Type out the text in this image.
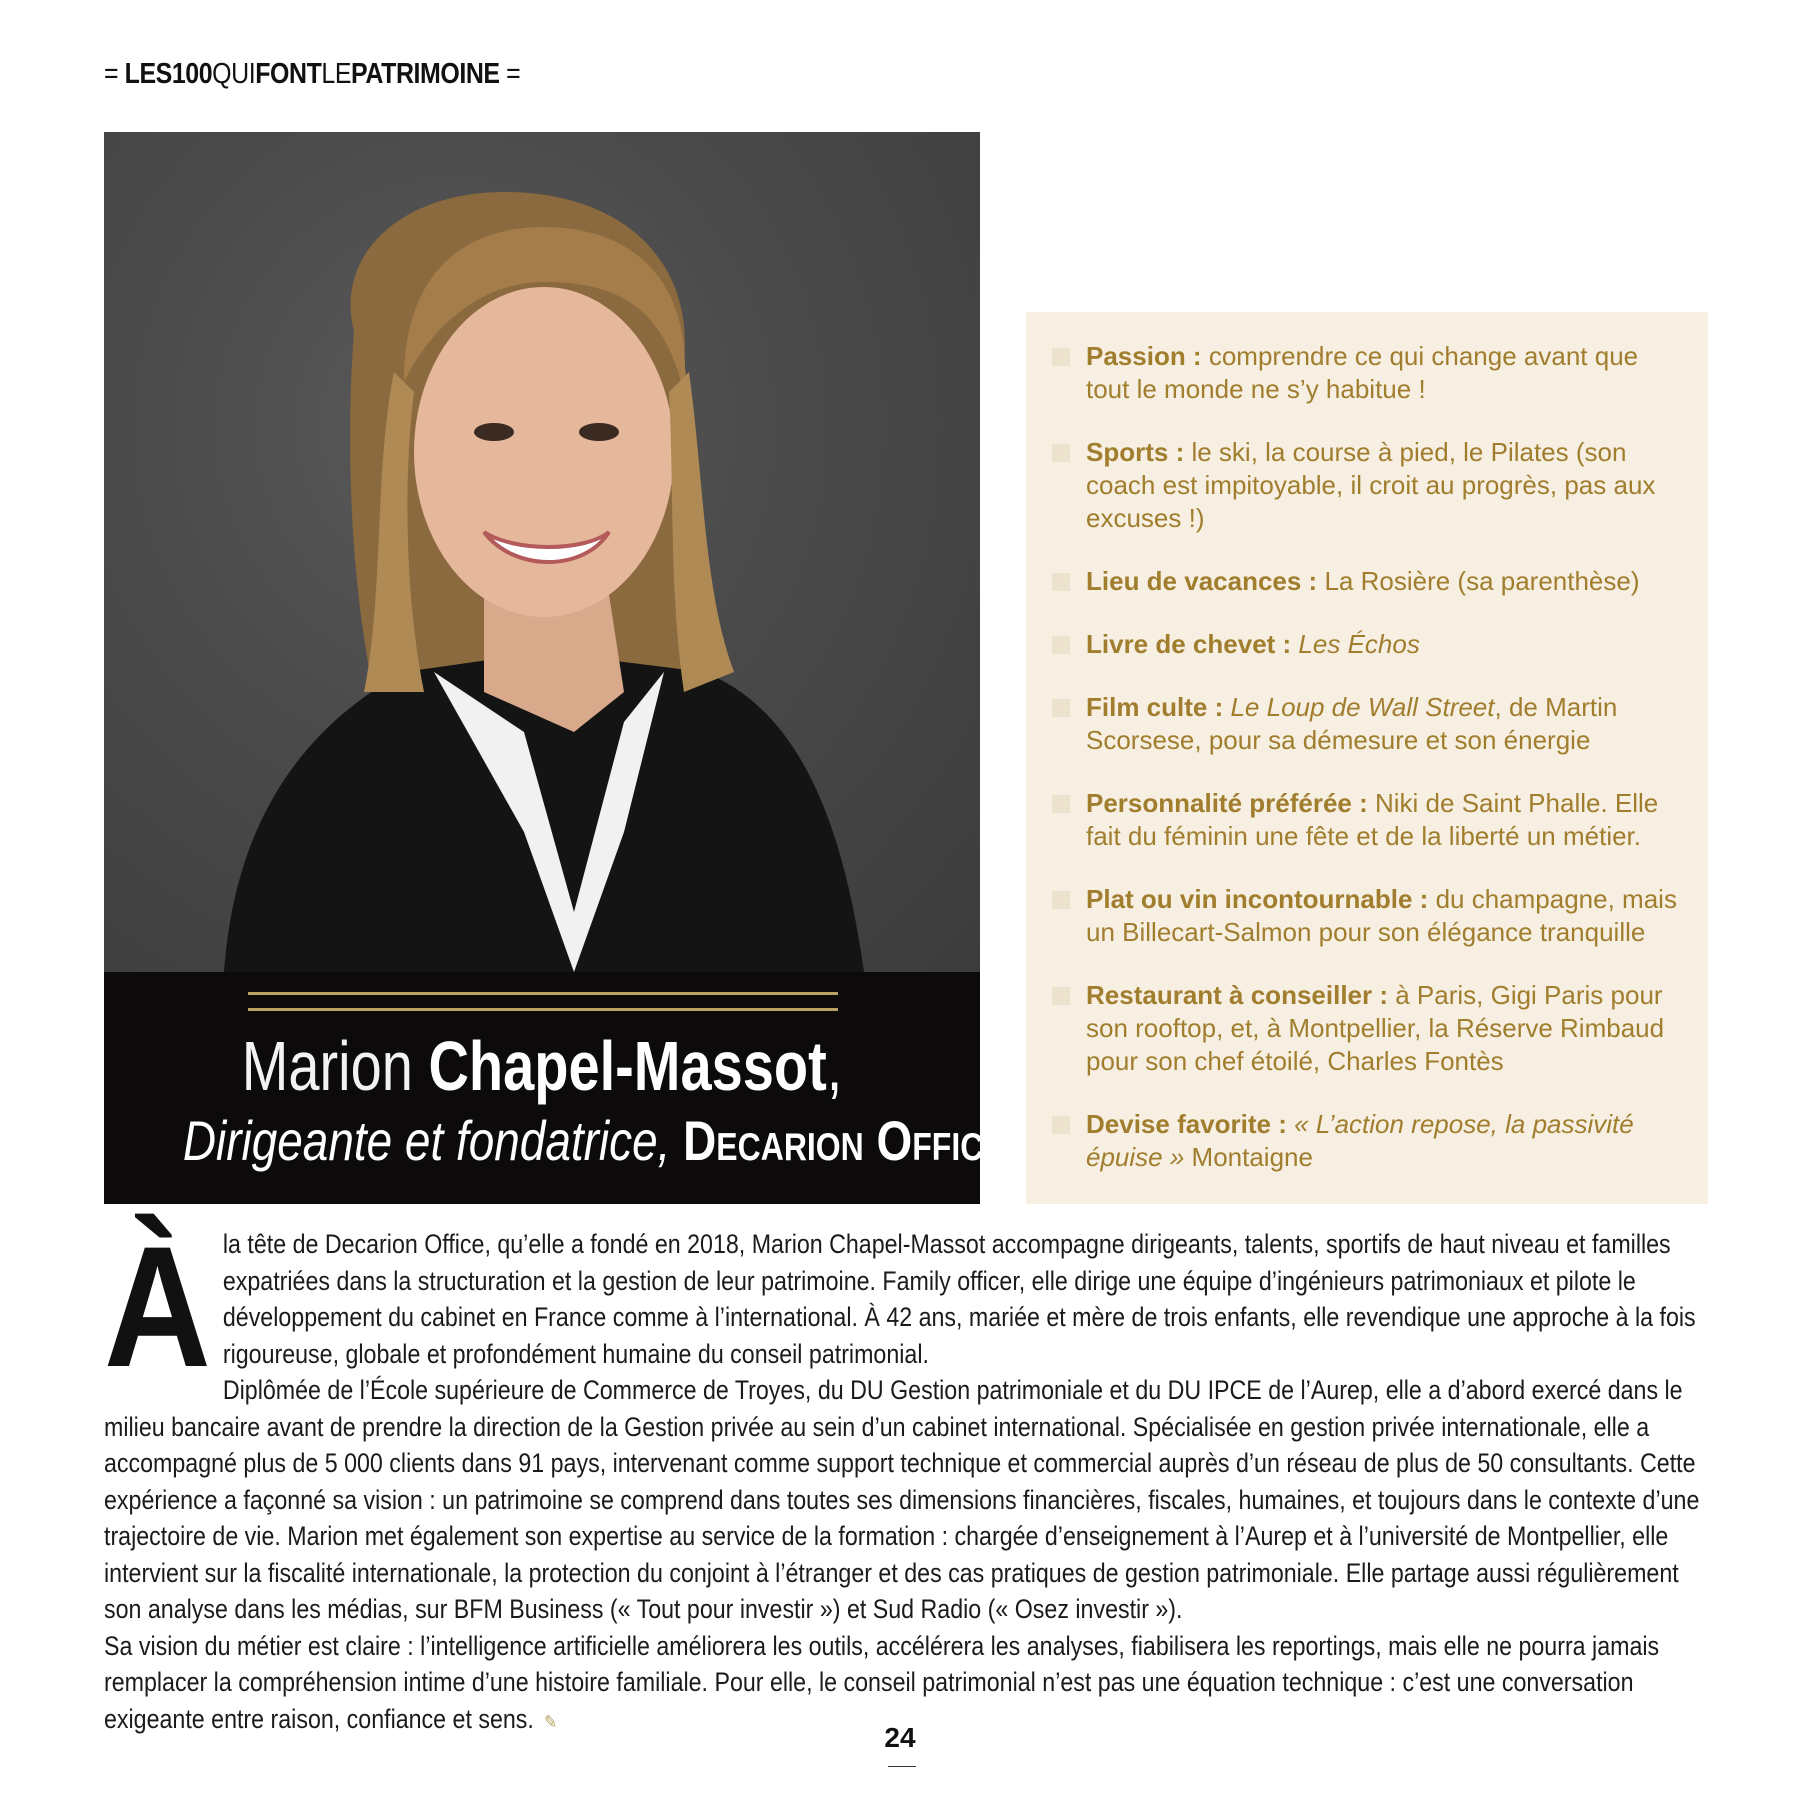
= LES100QUIFONTLEPATRIMOINE =
Marion Chapel-Massot,
Dirigeante et fondatrice, Decarion Office
Passion : comprendre ce qui change avant que tout le monde ne s’y habitue !
Sports : le ski, la course à pied, le Pilates (son coach est impitoyable, il croit au progrès, pas aux excuses !)
Lieu de vacances : La Rosière (sa parenthèse)
Livre de chevet : Les Échos
Film culte : Le Loup de Wall Street, de Martin Scorsese, pour sa démesure et son énergie
Personnalité préférée : Niki de Saint Phalle. Elle fait du féminin une fête et de la liberté un métier.
Plat ou vin incontournable : du champagne, mais un Billecart-Salmon pour son élégance tranquille
Restaurant à conseiller : à Paris, Gigi Paris pour son rooftop, et, à Montpellier, la Réserve Rimbaud pour son chef étoilé, Charles Fontès
Devise favorite : « L’action repose, la passivité épuise » Montaigne
À la tête de Decarion Office, qu’elle a fondé en 2018, Marion Chapel-Massot accompagne dirigeants, talents, sportifs de haut niveau et familles expatriées dans la structuration et la gestion de leur patrimoine. Family officer, elle dirige une équipe d’ingénieurs patrimoniaux et pilote le développement du cabinet en France comme à l’international. À 42 ans, mariée et mère de trois enfants, elle revendique une approche à la fois rigoureuse, globale et profondément humaine du conseil patrimonial.

Diplômée de l’École supérieure de Commerce de Troyes, du DU Gestion patrimoniale et du DU IPCE de l’Aurep, elle a d’abord exercé dans le milieu bancaire avant de prendre la direction de la Gestion privée au sein d’un cabinet international. Spécialisée en gestion privée internationale, elle a accompagné plus de 5 000 clients dans 91 pays, intervenant comme support technique et commercial auprès d’un réseau de plus de 50 consultants. Cette expérience a façonné sa vision : un patrimoine se comprend dans toutes ses dimensions financières, fiscales, humaines, et toujours dans le contexte d’une trajectoire de vie. Marion met également son expertise au service de la formation : chargée d’enseignement à l’Aurep et à l’université de Montpellier, elle intervient sur la fiscalité internationale, la protection du conjoint à l’étranger et des cas pratiques de gestion patrimoniale. Elle partage aussi régulièrement son analyse dans les médias, sur BFM Business (« Tout pour investir ») et Sud Radio (« Osez investir »).

Sa vision du métier est claire : l’intelligence artificielle améliorera les outils, accélérera les analyses, fiabilisera les reportings, mais elle ne pourra jamais remplacer la compréhension intime d’une histoire familiale. Pour elle, le conseil patrimonial n’est pas une équation technique : c’est une conversation exigeante entre raison, confiance et sens. ✎

24
